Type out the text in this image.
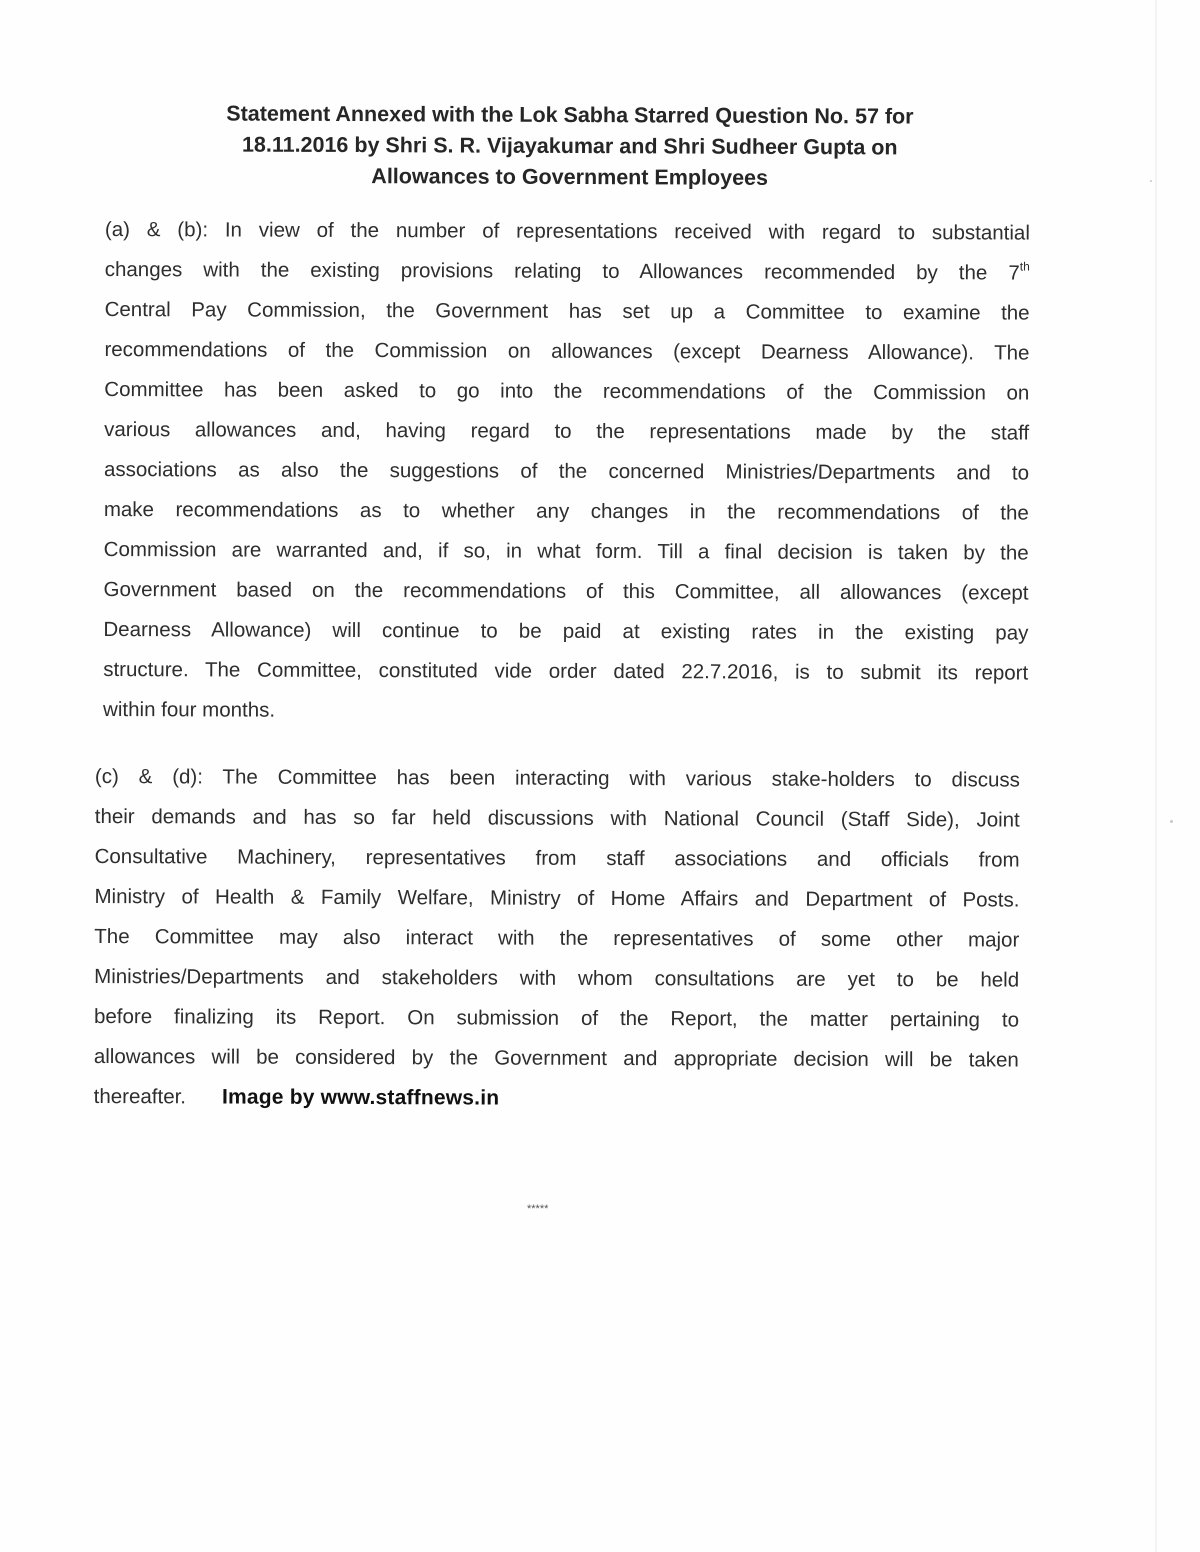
Statement Annexed with the Lok Sabha Starred Question No. 57 for
18.11.2016 by Shri S. R. Vijayakumar and Shri Sudheer Gupta on
Allowances to Government Employees
(a) & (b): In view of the number of representations received with regard to substantial
changes with the existing provisions relating to Allowances recommended by the 7th
Central Pay Commission, the Government has set up a Committee to examine the
recommendations of the Commission on allowances (except Dearness Allowance). The
Committee has been asked to go into the recommendations of the Commission on
various allowances and, having regard to the representations made by the staff
associations as also the suggestions of the concerned Ministries/Departments and to
make recommendations as to whether any changes in the recommendations of the
Commission are warranted and, if so, in what form. Till a final decision is taken by the
Government based on the recommendations of this Committee, all allowances (except
Dearness Allowance) will continue to be paid at existing rates in the existing pay
structure. The Committee, constituted vide order dated 22.7.2016, is to submit its report
within four months.
(c) & (d): The Committee has been interacting with various stake-holders to discuss
their demands and has so far held discussions with National Council (Staff Side), Joint
Consultative Machinery, representatives from staff associations and officials from
Ministry of Health & Family Welfare, Ministry of Home Affairs and Department of Posts.
The Committee may also interact with the representatives of some other major
Ministries/Departments and stakeholders with whom consultations are yet to be held
before finalizing its Report. On submission of the Report, the matter pertaining to
allowances will be considered by the Government and appropriate decision will be taken
thereafter. Image by www.staffnews.in
*****
